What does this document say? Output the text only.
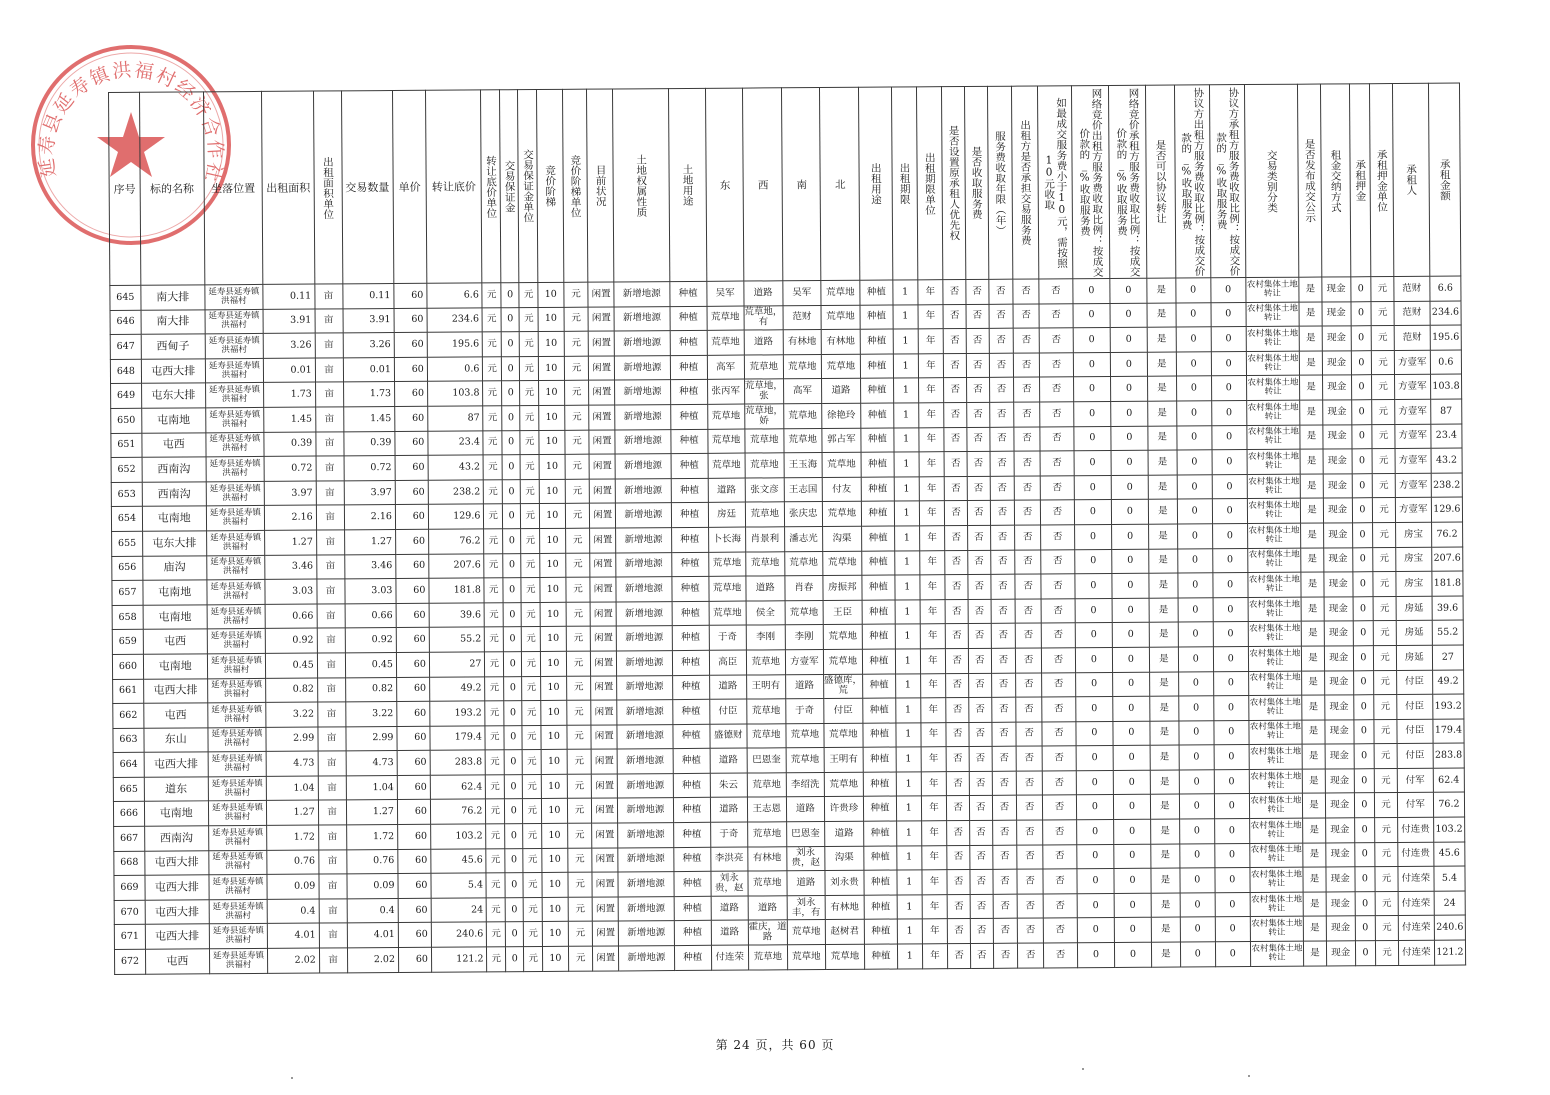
延寿县延寿镇洪福村经济合作社
序号	标的名称	坐落位置	出租面积	出租面积单位	交易数量	单价	转让底价	转让底价单位	交易保证金	交易保证金单位	竞价阶梯	竞价阶梯单位	目前状况	土地权属性质	土地用途	东	西	南	北	出租用途	出租期限	出租期限单位	是否设置原承租人优先权	是否收取服务费	服务费收取年限（年）	出租方是否承担交易服务费	如最成交服务费小于10元，需按照10元收取	网络竞价出租方服务费收取比例：按成交价款的_%收取服务费	网络竞价承租方服务费收取比例：按成交价款的_%收取服务费	是否可以协议转让	协议方出租方服务费收取比例：按成交价款的_%收取服务费	协议方承租方服务费收取比例：按成交价款的_%收取服务费	交易类别分类	是否发布成交公示	租金交纳方式	承租押金	承租押金单位	承租人	承租金额
645	南大排	延寿县延寿镇洪福村	0.11	亩	0.11	60	6.6	元	0	元	10	元	闲置	新增地源	种植	吴军	道路	吴军	荒草地	种植	1	年	否	否	否	否	否	0	0	是	0	0	农村集体土地转让	是	现金	0	元	范财	6.6
646	南大排	延寿县延寿镇洪福村	3.91	亩	3.91	60	234.6	元	0	元	10	元	闲置	新增地源	种植	荒草地	荒草地，有	范财	荒草地	种植	1	年	否	否	否	否	否	0	0	是	0	0	农村集体土地转让	是	现金	0	元	范财	234.6
647	西甸子	延寿县延寿镇洪福村	3.26	亩	3.26	60	195.6	元	0	元	10	元	闲置	新增地源	种植	荒草地	道路	有林地	有林地	种植	1	年	否	否	否	否	否	0	0	是	0	0	农村集体土地转让	是	现金	0	元	范财	195.6
648	屯西大排	延寿县延寿镇洪福村	0.01	亩	0.01	60	0.6	元	0	元	10	元	闲置	新增地源	种植	高军	荒草地	荒草地	荒草地	种植	1	年	否	否	否	否	否	0	0	是	0	0	农村集体土地转让	是	现金	0	元	方壹军	0.6
649	屯东大排	延寿县延寿镇洪福村	1.73	亩	1.73	60	103.8	元	0	元	10	元	闲置	新增地源	种植	张丙军	荒草地，张	高军	道路	种植	1	年	否	否	否	否	否	0	0	是	0	0	农村集体土地转让	是	现金	0	元	方壹军	103.8
650	屯南地	延寿县延寿镇洪福村	1.45	亩	1.45	60	87	元	0	元	10	元	闲置	新增地源	种植	荒草地	荒草地，娇	荒草地	徐艳玲	种植	1	年	否	否	否	否	否	0	0	是	0	0	农村集体土地转让	是	现金	0	元	方壹军	87
651	屯西	延寿县延寿镇洪福村	0.39	亩	0.39	60	23.4	元	0	元	10	元	闲置	新增地源	种植	荒草地	荒草地	荒草地	郭占军	种植	1	年	否	否	否	否	否	0	0	是	0	0	农村集体土地转让	是	现金	0	元	方壹军	23.4
652	西南沟	延寿县延寿镇洪福村	0.72	亩	0.72	60	43.2	元	0	元	10	元	闲置	新增地源	种植	荒草地	荒草地	王玉海	荒草地	种植	1	年	否	否	否	否	否	0	0	是	0	0	农村集体土地转让	是	现金	0	元	方壹军	43.2
653	西南沟	延寿县延寿镇洪福村	3.97	亩	3.97	60	238.2	元	0	元	10	元	闲置	新增地源	种植	道路	张文彦	王志国	付友	种植	1	年	否	否	否	否	否	0	0	是	0	0	农村集体土地转让	是	现金	0	元	方壹军	238.2
654	屯南地	延寿县延寿镇洪福村	2.16	亩	2.16	60	129.6	元	0	元	10	元	闲置	新增地源	种植	房廷	荒草地	张庆忠	荒草地	种植	1	年	否	否	否	否	否	0	0	是	0	0	农村集体土地转让	是	现金	0	元	方壹军	129.6
655	屯东大排	延寿县延寿镇洪福村	1.27	亩	1.27	60	76.2	元	0	元	10	元	闲置	新增地源	种植	卜长海	肖景利	潘志光	沟渠	种植	1	年	否	否	否	否	否	0	0	是	0	0	农村集体土地转让	是	现金	0	元	房宝	76.2
656	庙沟	延寿县延寿镇洪福村	3.46	亩	3.46	60	207.6	元	0	元	10	元	闲置	新增地源	种植	荒草地	荒草地	荒草地	荒草地	种植	1	年	否	否	否	否	否	0	0	是	0	0	农村集体土地转让	是	现金	0	元	房宝	207.6
657	屯南地	延寿县延寿镇洪福村	3.03	亩	3.03	60	181.8	元	0	元	10	元	闲置	新增地源	种植	荒草地	道路	肖春	房振邦	种植	1	年	否	否	否	否	否	0	0	是	0	0	农村集体土地转让	是	现金	0	元	房宝	181.8
658	屯南地	延寿县延寿镇洪福村	0.66	亩	0.66	60	39.6	元	0	元	10	元	闲置	新增地源	种植	荒草地	侯全	荒草地	王臣	种植	1	年	否	否	否	否	否	0	0	是	0	0	农村集体土地转让	是	现金	0	元	房延	39.6
659	屯西	延寿县延寿镇洪福村	0.92	亩	0.92	60	55.2	元	0	元	10	元	闲置	新增地源	种植	于奇	李刚	李刚	荒草地	种植	1	年	否	否	否	否	否	0	0	是	0	0	农村集体土地转让	是	现金	0	元	房延	55.2
660	屯南地	延寿县延寿镇洪福村	0.45	亩	0.45	60	27	元	0	元	10	元	闲置	新增地源	种植	高臣	荒草地	方壹军	荒草地	种植	1	年	否	否	否	否	否	0	0	是	0	0	农村集体土地转让	是	现金	0	元	房延	27
661	屯西大排	延寿县延寿镇洪福村	0.82	亩	0.82	60	49.2	元	0	元	10	元	闲置	新增地源	种植	道路	王明有	道路	盛德库，荒	种植	1	年	否	否	否	否	否	0	0	是	0	0	农村集体土地转让	是	现金	0	元	付臣	49.2
662	屯西	延寿县延寿镇洪福村	3.22	亩	3.22	60	193.2	元	0	元	10	元	闲置	新增地源	种植	付臣	荒草地	于奇	付臣	种植	1	年	否	否	否	否	否	0	0	是	0	0	农村集体土地转让	是	现金	0	元	付臣	193.2
663	东山	延寿县延寿镇洪福村	2.99	亩	2.99	60	179.4	元	0	元	10	元	闲置	新增地源	种植	盛德财	荒草地	荒草地	荒草地	种植	1	年	否	否	否	否	否	0	0	是	0	0	农村集体土地转让	是	现金	0	元	付臣	179.4
664	屯西大排	延寿县延寿镇洪福村	4.73	亩	4.73	60	283.8	元	0	元	10	元	闲置	新增地源	种植	道路	巴恩奎	荒草地	王明有	种植	1	年	否	否	否	否	否	0	0	是	0	0	农村集体土地转让	是	现金	0	元	付臣	283.8
665	道东	延寿县延寿镇洪福村	1.04	亩	1.04	60	62.4	元	0	元	10	元	闲置	新增地源	种植	朱云	荒草地	李绍洗	荒草地	种植	1	年	否	否	否	否	否	0	0	是	0	0	农村集体土地转让	是	现金	0	元	付军	62.4
666	屯南地	延寿县延寿镇洪福村	1.27	亩	1.27	60	76.2	元	0	元	10	元	闲置	新增地源	种植	道路	王志恩	道路	许贵珍	种植	1	年	否	否	否	否	否	0	0	是	0	0	农村集体土地转让	是	现金	0	元	付军	76.2
667	西南沟	延寿县延寿镇洪福村	1.72	亩	1.72	60	103.2	元	0	元	10	元	闲置	新增地源	种植	于奇	荒草地	巴恩奎	道路	种植	1	年	否	否	否	否	否	0	0	是	0	0	农村集体土地转让	是	现金	0	元	付连贵	103.2
668	屯西大排	延寿县延寿镇洪福村	0.76	亩	0.76	60	45.6	元	0	元	10	元	闲置	新增地源	种植	李洪亮	有林地	刘永贵，赵	沟渠	种植	1	年	否	否	否	否	否	0	0	是	0	0	农村集体土地转让	是	现金	0	元	付连贵	45.6
669	屯西大排	延寿县延寿镇洪福村	0.09	亩	0.09	60	5.4	元	0	元	10	元	闲置	新增地源	种植	刘永贵，赵	荒草地	道路	刘永贵	种植	1	年	否	否	否	否	否	0	0	是	0	0	农村集体土地转让	是	现金	0	元	付连荣	5.4
670	屯西大排	延寿县延寿镇洪福村	0.4	亩	0.4	60	24	元	0	元	10	元	闲置	新增地源	种植	道路	道路	刘永丰，有	有林地	种植	1	年	否	否	否	否	否	0	0	是	0	0	农村集体土地转让	是	现金	0	元	付连荣	24
671	屯西大排	延寿县延寿镇洪福村	4.01	亩	4.01	60	240.6	元	0	元	10	元	闲置	新增地源	种植	道路	霍庆，道路	荒草地	赵树君	种植	1	年	否	否	否	否	否	0	0	是	0	0	农村集体土地转让	是	现金	0	元	付连荣	240.6
672	屯西	延寿县延寿镇洪福村	2.02	亩	2.02	60	121.2	元	0	元	10	元	闲置	新增地源	种植	付连荣	荒草地	荒草地	荒草地	种植	1	年	否	否	否	否	否	0	0	是	0	0	农村集体土地转让	是	现金	0	元	付连荣	121.2
第 24 页，共 60 页
